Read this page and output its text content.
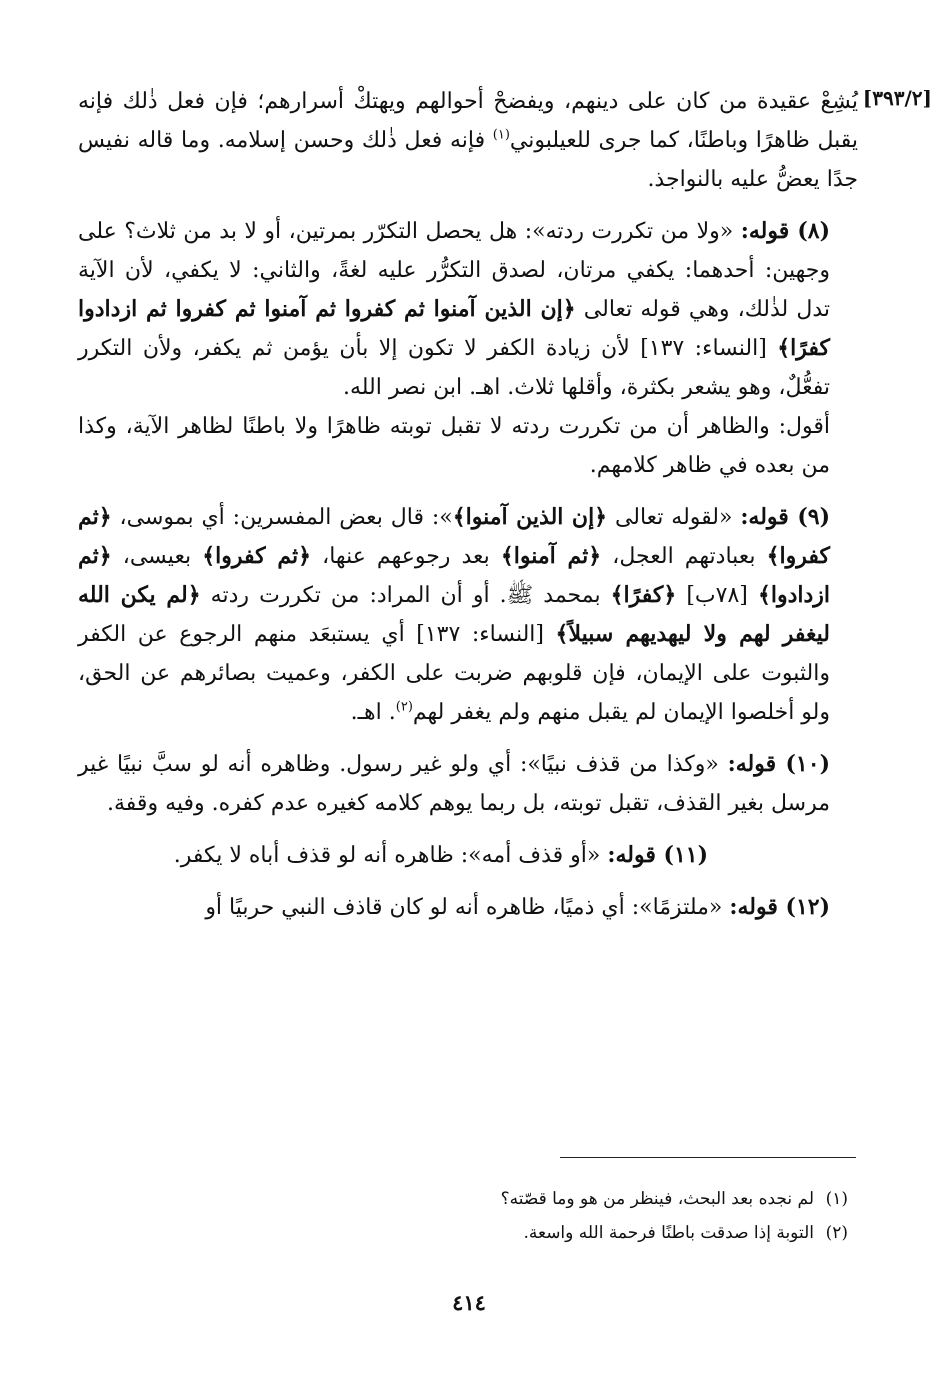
[٣٩٣/٢]

يُشِعْ عقيدة من كان على دينهم، ويفضحْ أحوالهم ويهتكْ أسرارهم؛ فإن فعل ذٰلك فإنه يقبل ظاهرًا وباطنًا، كما جرى للعيلبوني$^{(١)}$ فإنه فعل ذٰلك وحسن إسلامه. وما قاله نفيس جدًا يعضُّ عليه بالنواجذ.

(٨) قوله: «ولا من تكررت ردته»: هل يحصل التكرّر بمرتين، أو لا بد من ثلاث؟ على وجهين: أحدهما: يكفي مرتان، لصدق التكرُّر عليه لغةً، والثاني: لا يكفي، لأن الآية تدل لذٰلك، وهي قوله تعالى ﴿إن الذين آمنوا ثم كفروا ثم آمنوا ثم كفروا ثم ازدادوا كفرًا﴾ [النساء: ١٣٧] لأن زيادة الكفر لا تكون إلا بأن يؤمن ثم يكفر، ولأن التكرر تفعُّلٌ، وهو يشعر بكثرة، وأقلها ثلاث. اهـ. ابن نصر الله.
أقول: والظاهر أن من تكررت ردته لا تقبل توبته ظاهرًا ولا باطنًا لظاهر الآية، وكذا من بعده في ظاهر كلامهم.

(٩) قوله: «لقوله تعالى ﴿إن الذين آمنوا﴾»: قال بعض المفسرين: أي بموسى، ﴿ثم كفروا﴾ بعبادتهم العجل، ﴿ثم آمنوا﴾ بعد رجوعهم عنها، ﴿ثم كفروا﴾ بعيسى، ﴿ثم ازدادوا﴾ [٧٨ب] ﴿كفرًا﴾ بمحمد ﷺ. أو أن المراد: من تكررت ردته ﴿لم يكن الله ليغفر لهم ولا ليهديهم سبيلاً﴾ [النساء: ١٣٧] أي يستبعَد منهم الرجوع عن الكفر والثبوت على الإيمان، فإن قلوبهم ضربت على الكفر، وعميت بصائرهم عن الحق، ولو أخلصوا الإيمان لم يقبل منهم ولم يغفر لهم$^{(٢)}$. اهـ.

(١٠) قوله: «وكذا من قذف نبيًا»: أي ولو غير رسول. وظاهره أنه لو سبَّ نبيًا غير مرسل بغير القذف، تقبل توبته، بل ربما يوهم كلامه كغيره عدم كفره. وفيه وقفة.

(١١) قوله: «أو قذف أمه»: ظاهره أنه لو قذف أباه لا يكفر.

(١٢) قوله: «ملتزمًا»: أي ذميًا، ظاهره أنه لو كان قاذف النبي حربيًا أو

(١)لم نجده بعد البحث، فينظر من هو وما قصّته؟
(٢)التوبة إذا صدقت باطنًا فرحمة الله واسعة.
٤١٤
